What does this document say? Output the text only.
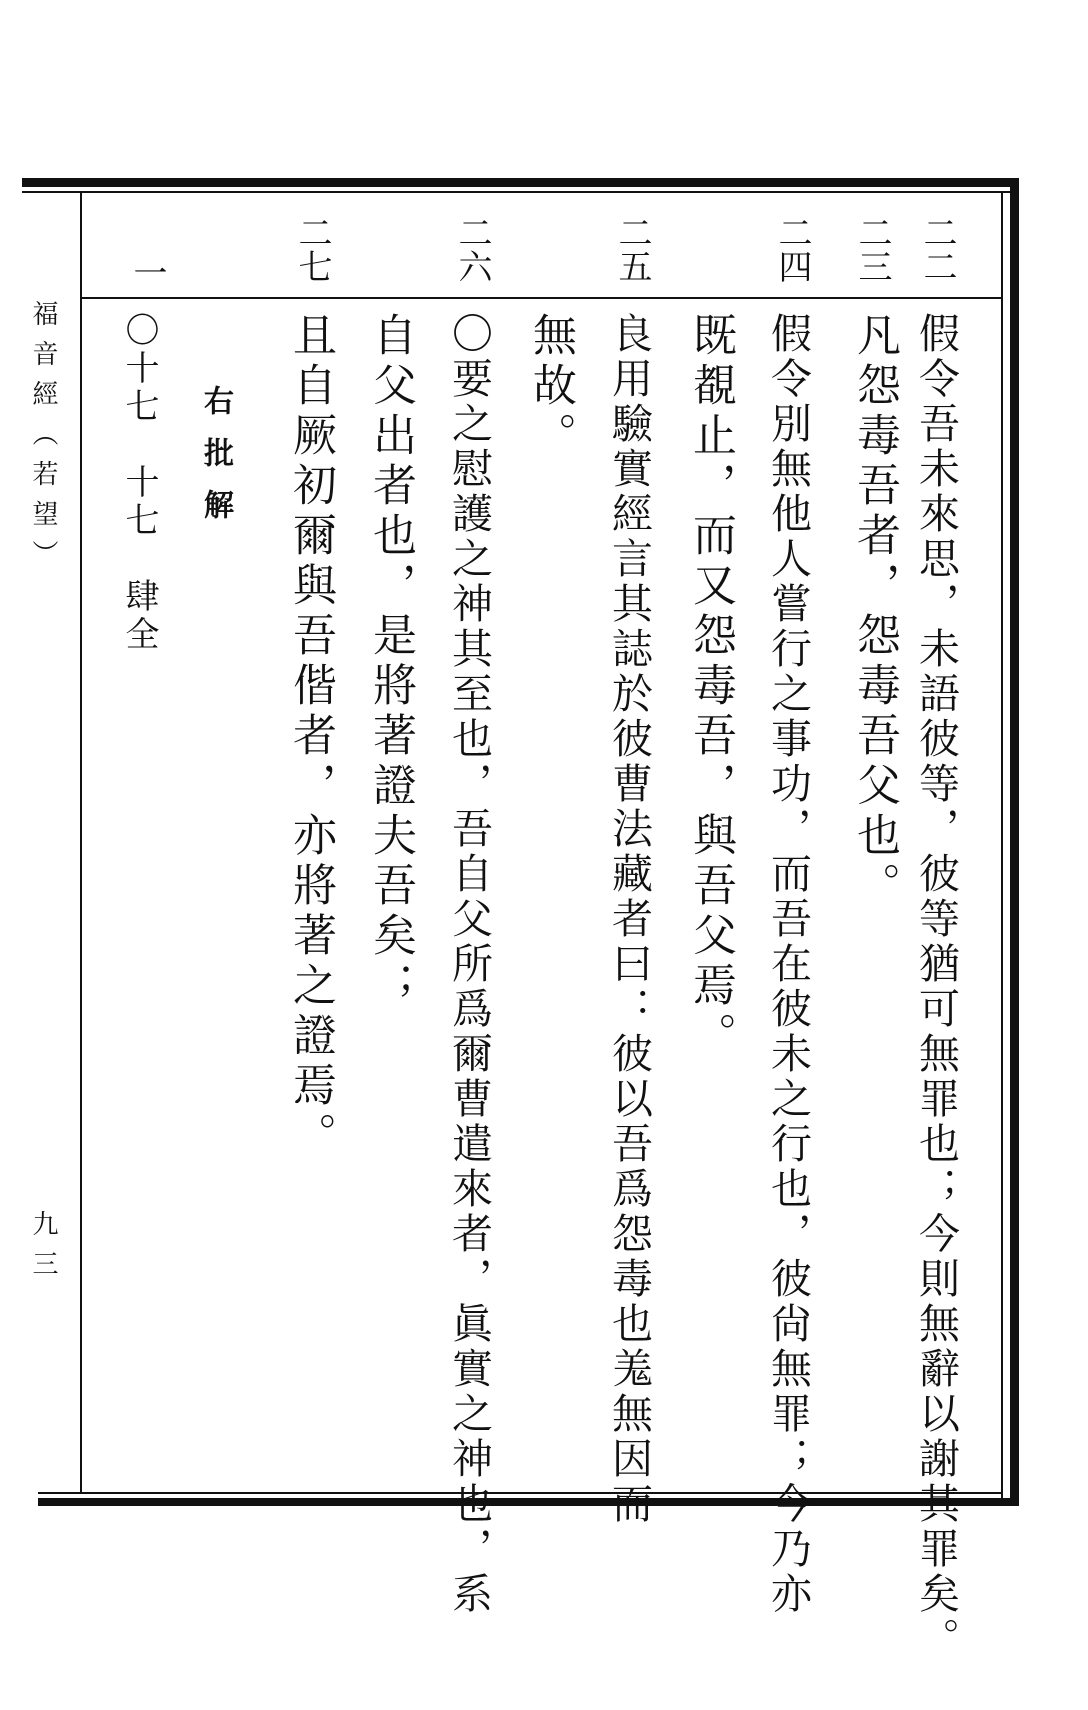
福音經（若望）
九三
二二
二三
二四
二五
二六
二七
一
假令吾未來思，未語彼等，彼等猶可無罪也；今則無辭以謝其罪矣。
凡怨毒吾者，怨毒吾父也。
假令別無他人嘗行之事功，而吾在彼未之行也，彼尙無罪；今乃亦
既覩止，而又怨毒吾，與吾父焉。
良用驗實經言其誌於彼曹法藏者曰：彼以吾爲怨毒也羗無因而
無故。
〇要之慰護之神其至也，吾自父所爲爾曹遣來者，眞實之神也，系
自父出者也，是將著證夫吾矣；
且自厥初爾與吾偕者，亦將著之證焉。
右批解
〇十七　十七　肆全
